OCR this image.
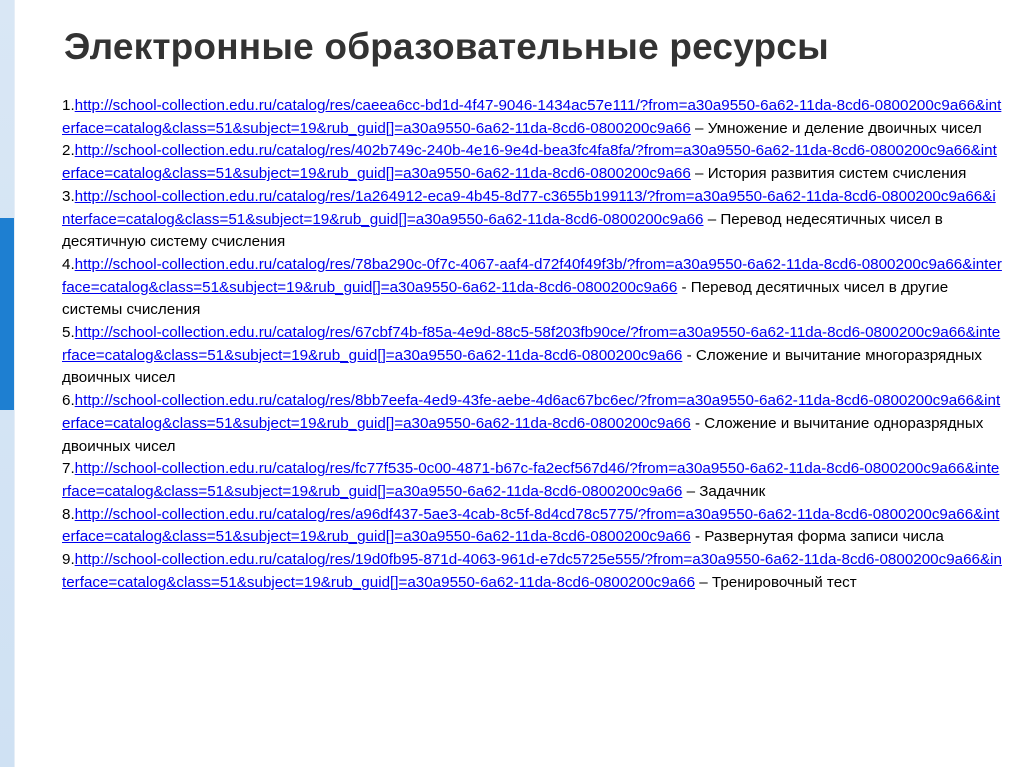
Электронные образовательные ресурсы

1.http://school-collection.edu.ru/catalog/res/caeea6cc-bd1d-4f47-9046-1434ac57e111/?from=a30a9550-6a62-11da-8cd6-0800200c9a66&interface=catalog&class=51&subject=19&rub_guid[]=a30a9550-6a62-11da-8cd6-0800200c9a66 – Умножение и деление двоичных чисел

2.http://school-collection.edu.ru/catalog/res/402b749c-240b-4e16-9e4d-bea3fc4fa8fa/?from=a30a9550-6a62-11da-8cd6-0800200c9a66&interface=catalog&class=51&subject=19&rub_guid[]=a30a9550-6a62-11da-8cd6-0800200c9a66 – История развития систем счисления

3.http://school-collection.edu.ru/catalog/res/1a264912-eca9-4b45-8d77-c3655b199113/?from=a30a9550-6a62-11da-8cd6-0800200c9a66&interface=catalog&class=51&subject=19&rub_guid[]=a30a9550-6a62-11da-8cd6-0800200c9a66 – Перевод недесятичных чисел в десятичную систему счисления

4.http://school-collection.edu.ru/catalog/res/78ba290c-0f7c-4067-aaf4-d72f40f49f3b/?from=a30a9550-6a62-11da-8cd6-0800200c9a66&interface=catalog&class=51&subject=19&rub_guid[]=a30a9550-6a62-11da-8cd6-0800200c9a66 - Перевод десятичных чисел в другие системы счисления

5.http://school-collection.edu.ru/catalog/res/67cbf74b-f85a-4e9d-88c5-58f203fb90ce/?from=a30a9550-6a62-11da-8cd6-0800200c9a66&interface=catalog&class=51&subject=19&rub_guid[]=a30a9550-6a62-11da-8cd6-0800200c9a66 - Сложение и вычитание многоразрядных двоичных чисел

6.http://school-collection.edu.ru/catalog/res/8bb7eefa-4ed9-43fe-aebe-4d6ac67bc6ec/?from=a30a9550-6a62-11da-8cd6-0800200c9a66&interface=catalog&class=51&subject=19&rub_guid[]=a30a9550-6a62-11da-8cd6-0800200c9a66 - Сложение и вычитание одноразрядных двоичных чисел

7.http://school-collection.edu.ru/catalog/res/fc77f535-0c00-4871-b67c-fa2ecf567d46/?from=a30a9550-6a62-11da-8cd6-0800200c9a66&interface=catalog&class=51&subject=19&rub_guid[]=a30a9550-6a62-11da-8cd6-0800200c9a66 – Задачник

8.http://school-collection.edu.ru/catalog/res/a96df437-5ae3-4cab-8c5f-8d4cd78c5775/?from=a30a9550-6a62-11da-8cd6-0800200c9a66&interface=catalog&class=51&subject=19&rub_guid[]=a30a9550-6a62-11da-8cd6-0800200c9a66 - Развернутая форма записи числа

9.http://school-collection.edu.ru/catalog/res/19d0fb95-871d-4063-961d-e7dc5725e555/?from=a30a9550-6a62-11da-8cd6-0800200c9a66&interface=catalog&class=51&subject=19&rub_guid[]=a30a9550-6a62-11da-8cd6-0800200c9a66 – Тренировочный тест
